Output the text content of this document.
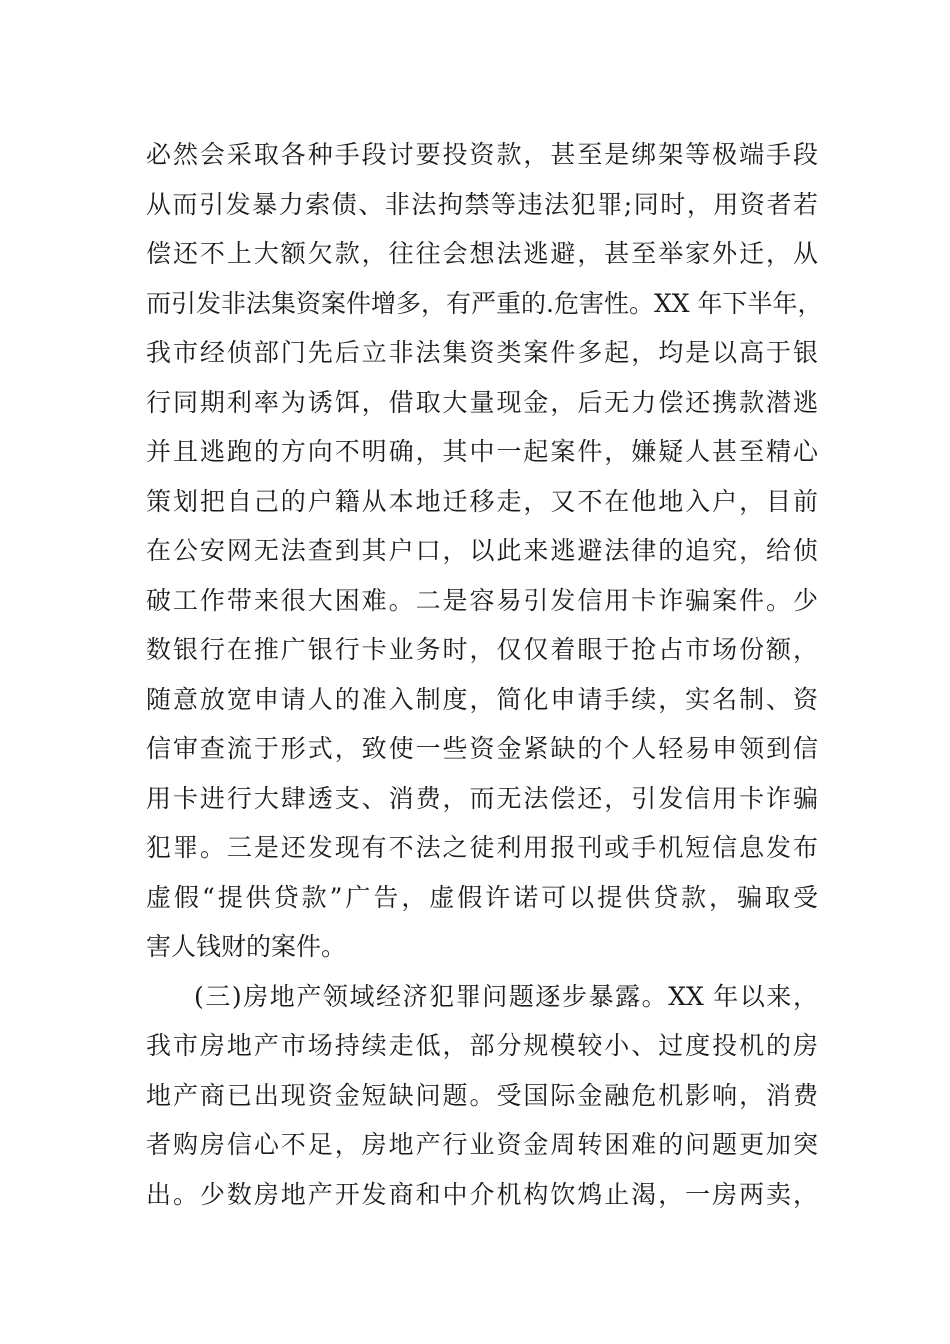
必然会采取各种手段讨要投资款，甚至是绑架等极端手段
从而引发暴力索债、非法拘禁等违法犯罪;同时，用资者若
偿还不上大额欠款，往往会想法逃避，甚至举家外迁，从
而引发非法集资案件增多，有严重的.危害性。XX 年下半年，
我市经侦部门先后立非法集资类案件多起，均是以高于银
行同期利率为诱饵，借取大量现金，后无力偿还携款潜逃
并且逃跑的方向不明确，其中一起案件，嫌疑人甚至精心
策划把自己的户籍从本地迁移走，又不在他地入户，目前
在公安网无法查到其户口，以此来逃避法律的追究，给侦
破工作带来很大困难。二是容易引发信用卡诈骗案件。少
数银行在推广银行卡业务时，仅仅着眼于抢占市场份额，
随意放宽申请人的准入制度，简化申请手续，实名制、资
信审查流于形式，致使一些资金紧缺的个人轻易申领到信
用卡进行大肆透支、消费，而无法偿还，引发信用卡诈骗
犯罪。三是还发现有不法之徒利用报刊或手机短信息发布
虚假“提供贷款”广告，虚假许诺可以提供贷款，骗取受
害人钱财的案件。
(三)房地产领域经济犯罪问题逐步暴露。XX 年以来，
我市房地产市场持续走低，部分规模较小、过度投机的房
地产商已出现资金短缺问题。受国际金融危机影响，消费
者购房信心不足，房地产行业资金周转困难的问题更加突
出。少数房地产开发商和中介机构饮鸩止渴，一房两卖，
